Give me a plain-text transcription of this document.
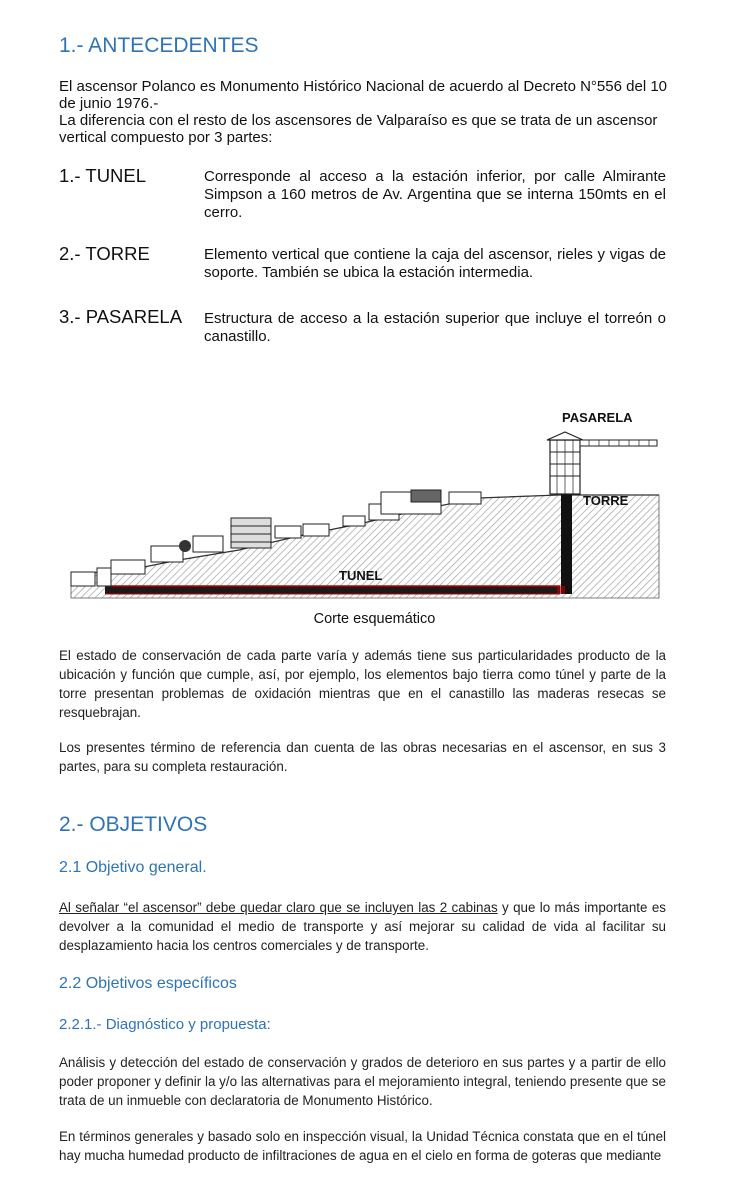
1.- ANTECEDENTES
El ascensor Polanco es Monumento Histórico Nacional de acuerdo al Decreto N°556 del 10 de junio 1976.-
La diferencia con el resto de los ascensores de Valparaíso es que se trata de un ascensor vertical compuesto por 3 partes:
1.- TUNEL	Corresponde al acceso a la estación inferior, por calle Almirante Simpson a 160 metros de Av. Argentina que se interna 150mts en el cerro.
2.- TORRE	Elemento vertical que contiene la caja del ascensor, rieles y vigas de soporte. También se ubica la estación intermedia.
3.- PASARELA Estructura de acceso a la estación superior que incluye el torreón o canastillo.
PASARELA
TORRE
TUNEL
Corte esquemático
El estado de conservación de cada parte varía y además tiene sus particularidades producto de la ubicación y función que cumple, así, por ejemplo, los elementos bajo tierra como túnel y parte de la torre presentan problemas de oxidación mientras que en el canastillo las maderas resecas se resquebrajan.
Los presentes término de referencia dan cuenta de las obras necesarias en el ascensor, en sus 3 partes, para su completa restauración.
2.- OBJETIVOS
2.1 Objetivo general.
Al señalar “el ascensor” debe quedar claro que se incluyen las 2 cabinas y que lo más importante es devolver a la comunidad el medio de transporte y así mejorar su calidad de vida al facilitar su desplazamiento hacia los centros comerciales y de transporte.
2.2 Objetivos específicos
2.2.1.- Diagnóstico y propuesta:
Análisis y detección del estado de conservación y grados de deterioro en sus partes y a partir de ello poder proponer y definir la y/o las alternativas para el mejoramiento integral, teniendo presente que se trata de un inmueble con declaratoria de Monumento Histórico.
En términos generales y basado solo en inspección visual, la Unidad Técnica constata que en el túnel hay mucha humedad producto de infiltraciones de agua en el cielo en forma de goteras que mediante
